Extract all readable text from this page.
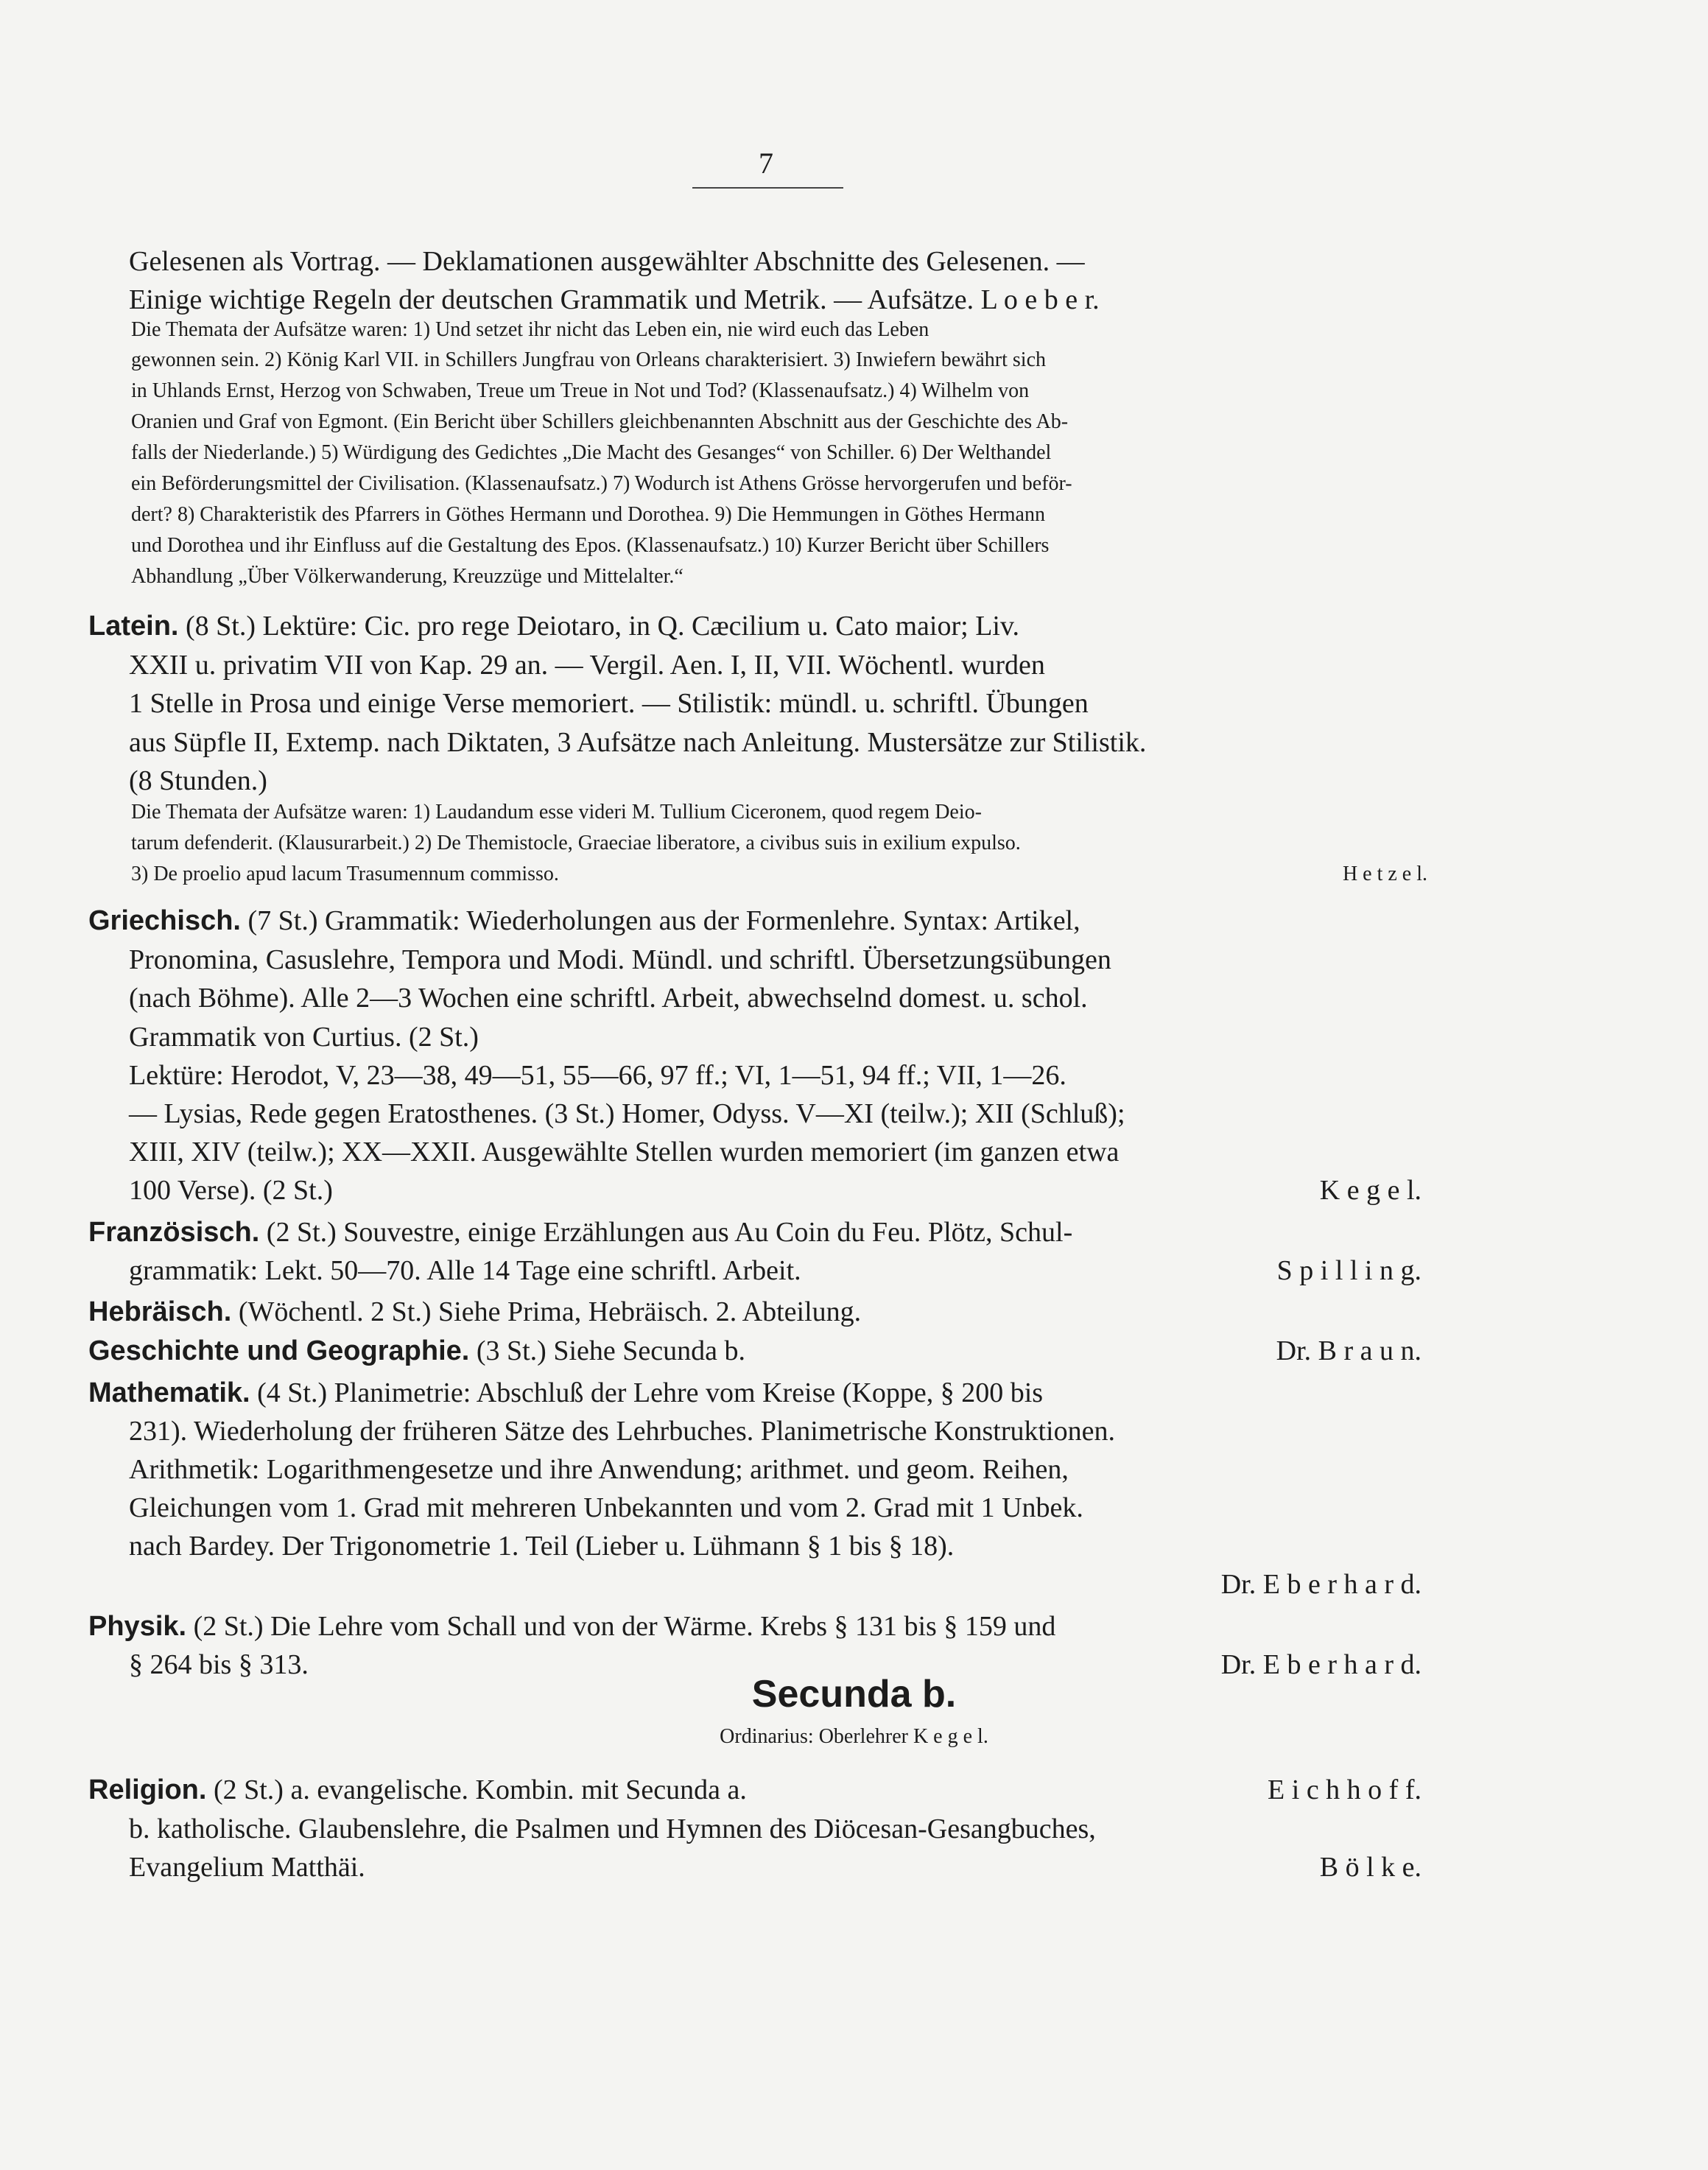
7
Gelesenen als Vortrag. — Deklamationen ausgewählter Abschnitte des Gelesenen. —
Einige wichtige Regeln der deutschen Grammatik und Metrik. — Aufsätze. L o e b e r.
Die Themata der Aufsätze waren: 1) Und setzet ihr nicht das Leben ein, nie wird euch das Leben
gewonnen sein. 2) König Karl VII. in Schillers Jungfrau von Orleans charakterisiert. 3) Inwiefern bewährt sich
in Uhlands Ernst, Herzog von Schwaben, Treue um Treue in Not und Tod? (Klassenaufsatz.) 4) Wilhelm von
Oranien und Graf von Egmont. (Ein Bericht über Schillers gleichbenannten Abschnitt aus der Geschichte des Ab-
falls der Niederlande.) 5) Würdigung des Gedichtes „Die Macht des Gesanges“ von Schiller. 6) Der Welthandel
ein Beförderungsmittel der Civilisation. (Klassenaufsatz.) 7) Wodurch ist Athens Grösse hervorgerufen und beför-
dert? 8) Charakteristik des Pfarrers in Göthes Hermann und Dorothea. 9) Die Hemmungen in Göthes Hermann
und Dorothea und ihr Einfluss auf die Gestaltung des Epos. (Klassenaufsatz.) 10) Kurzer Bericht über Schillers
Abhandlung „Über Völkerwanderung, Kreuzzüge und Mittelalter.“
Latein. (8 St.) Lektüre: Cic. pro rege Deiotaro, in Q. Cæcilium u. Cato maior; Liv.
XXII u. privatim VII von Kap. 29 an. — Vergil. Aen. I, II, VII. Wöchentl. wurden
1 Stelle in Prosa und einige Verse memoriert. — Stilistik: mündl. u. schriftl. Übungen
aus Süpfle II, Extemp. nach Diktaten, 3 Aufsätze nach Anleitung. Mustersätze zur Stilistik.
(8 Stunden.)
Die Themata der Aufsätze waren: 1) Laudandum esse videri M. Tullium Ciceronem, quod regem Deio-
tarum defenderit. (Klausurarbeit.) 2) De Themistocle, Graeciae liberatore, a civibus suis in exilium expulso.
3) De proelio apud lacum Trasumennum commisso.	H e t z e l.
Griechisch. (7 St.) Grammatik: Wiederholungen aus der Formenlehre. Syntax: Artikel,
Pronomina, Casuslehre, Tempora und Modi. Mündl. und schriftl. Übersetzungsübungen
(nach Böhme). Alle 2—3 Wochen eine schriftl. Arbeit, abwechselnd domest. u. schol.
Grammatik von Curtius. (2 St.)
Lektüre: Herodot, V, 23—38, 49—51, 55—66, 97 ff.; VI, 1—51, 94 ff.; VII, 1—26.
— Lysias, Rede gegen Eratosthenes. (3 St.) Homer, Odyss. V—XI (teilw.); XII (Schluß);
XIII, XIV (teilw.); XX—XXII. Ausgewählte Stellen wurden memoriert (im ganzen etwa
100 Verse). (2 St.)	K e g e l.
Französisch. (2 St.) Souvestre, einige Erzählungen aus Au Coin du Feu. Plötz, Schul-
grammatik: Lekt. 50—70. Alle 14 Tage eine schriftl. Arbeit.	S p i l l i n g.
Hebräisch. (Wöchentl. 2 St.) Siehe Prima, Hebräisch. 2. Abteilung.
Geschichte und Geographie. (3 St.) Siehe Secunda b.	Dr. B r a u n.
Mathematik. (4 St.) Planimetrie: Abschluß der Lehre vom Kreise (Koppe, § 200 bis
231). Wiederholung der früheren Sätze des Lehrbuches. Planimetrische Konstruktionen.
Arithmetik: Logarithmengesetze und ihre Anwendung; arithmet. und geom. Reihen,
Gleichungen vom 1. Grad mit mehreren Unbekannten und vom 2. Grad mit 1 Unbek.
nach Bardey. Der Trigonometrie 1. Teil (Lieber u. Lühmann § 1 bis § 18).
Dr. E b e r h a r d.
Physik. (2 St.) Die Lehre vom Schall und von der Wärme. Krebs § 131 bis § 159 und
§ 264 bis § 313.	Dr. E b e r h a r d.
Religion. (2 St.) a. evangelische. Kombin. mit Secunda a.	E i c h h o f f.
b. katholische. Glaubenslehre, die Psalmen und Hymnen des Diöcesan-Gesangbuches,
Evangelium Matthäi.	B ö l k e.
Secunda b.
Ordinarius: Oberlehrer K e g e l.
